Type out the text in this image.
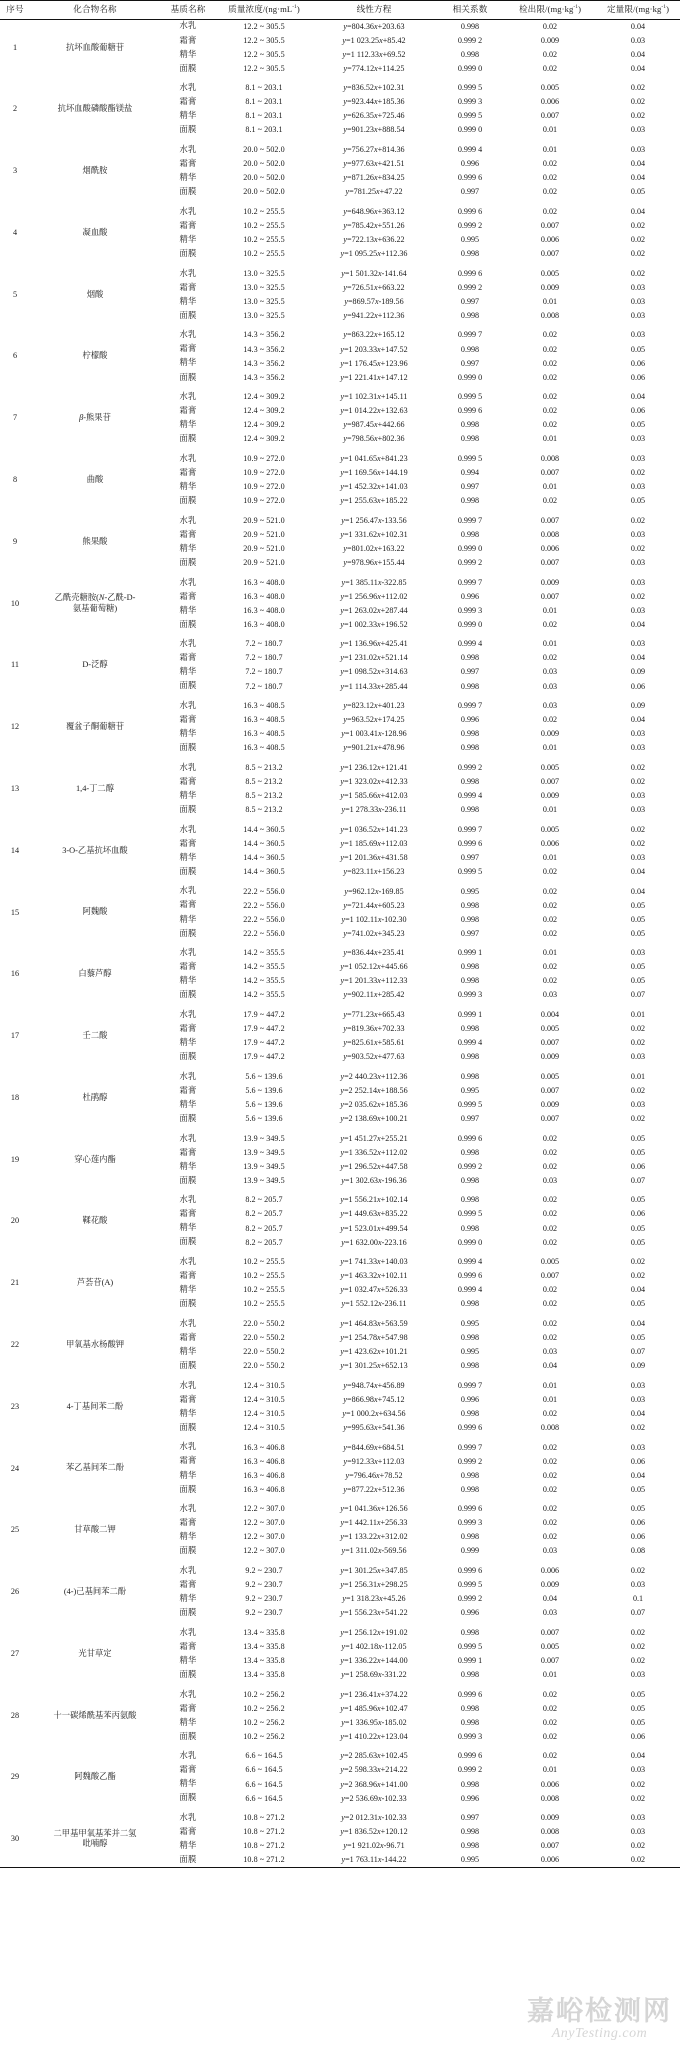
序号	化合物名称	基质名称	质量浓度$/(ng\cdot mL^{-1})$	线性方程	相关系数	检出限$/(mg\cdot kg^{-1})$	定量限$/(mg\cdot kg^{-1})$
1	抗坏血酸葡糖苷	水乳	12.2 ~ 305.5	y=804.36x+203.63	0.998	0.02	0.04
		霜膏	12.2 ~ 305.5	y=1 023.25x+85.42	0.999 2	0.009	0.03
		精华	12.2 ~ 305.5	y=1 112.33x+69.52	0.998	0.02	0.04
		面膜	12.2 ~ 305.5	y=774.12x+114.25	0.999 0	0.02	0.04

2	抗坏血酸磷酸酯镁盐	水乳	8.1 ~ 203.1	y=836.52x+102.31	0.999 5	0.005	0.02
		霜膏	8.1 ~ 203.1	y=923.44x+185.36	0.999 3	0.006	0.02
		精华	8.1 ~ 203.1	y=626.35x+725.46	0.999 5	0.007	0.02
		面膜	8.1 ~ 203.1	y=901.23x+888.54	0.999 0	0.01	0.03

3	烟酰胺	水乳	20.0 ~ 502.0	y=756.27x+814.36	0.999 4	0.01	0.03
		霜膏	20.0 ~ 502.0	y=977.63x+421.51	0.996	0.02	0.04
		精华	20.0 ~ 502.0	y=871.26x+834.25	0.999 6	0.02	0.04
		面膜	20.0 ~ 502.0	y=781.25x+47.22	0.997	0.02	0.05

4	凝血酸	水乳	10.2 ~ 255.5	y=648.96x+363.12	0.999 6	0.02	0.04
		霜膏	10.2 ~ 255.5	y=785.42x+551.26	0.999 2	0.007	0.02
		精华	10.2 ~ 255.5	y=722.13x+636.22	0.995	0.006	0.02
		面膜	10.2 ~ 255.5	y=1 095.25x+112.36	0.998	0.007	0.02

5	烟酸	水乳	13.0 ~ 325.5	y=1 501.32x-141.64	0.999 6	0.005	0.02
		霜膏	13.0 ~ 325.5	y=726.51x+663.22	0.999 2	0.009	0.03
		精华	13.0 ~ 325.5	y=869.57x-189.56	0.997	0.01	0.03
		面膜	13.0 ~ 325.5	y=941.22x+112.36	0.998	0.008	0.03

6	柠檬酸	水乳	14.3 ~ 356.2	y=863.22x+165.12	0.999 7	0.02	0.03
		霜膏	14.3 ~ 356.2	y=1 203.33x+147.52	0.998	0.02	0.05
		精华	14.3 ~ 356.2	y=1 176.45x+123.96	0.997	0.02	0.06
		面膜	14.3 ~ 356.2	y=1 221.41x+147.12	0.999 0	0.02	0.06

7	β-熊果苷	水乳	12.4 ~ 309.2	y=1 102.31x+145.11	0.999 5	0.02	0.04
		霜膏	12.4 ~ 309.2	y=1 014.22x+132.63	0.999 6	0.02	0.06
		精华	12.4 ~ 309.2	y=987.45x+442.66	0.998	0.02	0.05
		面膜	12.4 ~ 309.2	y=798.56x+802.36	0.998	0.01	0.03

8	曲酸	水乳	10.9 ~ 272.0	y=1 041.65x+841.23	0.999 5	0.008	0.03
		霜膏	10.9 ~ 272.0	y=1 169.56x+144.19	0.994	0.007	0.02
		精华	10.9 ~ 272.0	y=1 452.32x+141.03	0.997	0.01	0.03
		面膜	10.9 ~ 272.0	y=1 255.63x+185.22	0.998	0.02	0.05

9	熊果酸	水乳	20.9 ~ 521.0	y=1 256.47x-133.56	0.999 7	0.007	0.02
		霜膏	20.9 ~ 521.0	y=1 331.62x+102.31	0.998	0.008	0.03
		精华	20.9 ~ 521.0	y=801.02x+163.22	0.999 0	0.006	0.02
		面膜	20.9 ~ 521.0	y=978.96x+155.44	0.999 2	0.007	0.03

10	乙酰壳糖胺(N-乙酰-D-
氨基葡萄糖)	水乳	16.3 ~ 408.0	y=1 385.11x-322.85	0.999 7	0.009	0.03
		霜膏	16.3 ~ 408.0	y=1 256.96x+112.02	0.996	0.007	0.02
		精华	16.3 ~ 408.0	y=1 263.02x+287.44	0.999 3	0.01	0.03
		面膜	16.3 ~ 408.0	y=1 002.33x+196.52	0.999 0	0.02	0.04

11	D-泛醇	水乳	7.2 ~ 180.7	y=1 136.96x+425.41	0.999 4	0.01	0.03
		霜膏	7.2 ~ 180.7	y=1 231.02x+521.14	0.998	0.02	0.04
		精华	7.2 ~ 180.7	y=1 098.52x+314.63	0.997	0.03	0.09
		面膜	7.2 ~ 180.7	y=1 114.33x+285.44	0.998	0.03	0.06

12	覆盆子酮葡糖苷	水乳	16.3 ~ 408.5	y=823.12x+401.23	0.999 7	0.03	0.09
		霜膏	16.3 ~ 408.5	y=963.52x+174.25	0.996	0.02	0.04
		精华	16.3 ~ 408.5	y=1 003.41x-128.96	0.998	0.009	0.03
		面膜	16.3 ~ 408.5	y=901.21x+478.96	0.998	0.01	0.03

13	1,4-丁二醇	水乳	8.5 ~ 213.2	y=1 236.12x+121.41	0.999 2	0.005	0.02
		霜膏	8.5 ~ 213.2	y=1 323.02x+412.33	0.998	0.007	0.02
		精华	8.5 ~ 213.2	y=1 585.66x+412.03	0.999 4	0.009	0.03
		面膜	8.5 ~ 213.2	y=1 278.33x-236.11	0.998	0.01	0.03

14	3-O-乙基抗坏血酸	水乳	14.4 ~ 360.5	y=1 036.52x+141.23	0.999 7	0.005	0.02
		霜膏	14.4 ~ 360.5	y=1 185.69x+112.03	0.999 6	0.006	0.02
		精华	14.4 ~ 360.5	y=1 201.36x+431.58	0.997	0.01	0.03
		面膜	14.4 ~ 360.5	y=823.11x+156.23	0.999 5	0.02	0.04

15	阿魏酸	水乳	22.2 ~ 556.0	y=962.12x-169.85	0.995	0.02	0.04
		霜膏	22.2 ~ 556.0	y=721.44x+605.23	0.998	0.02	0.05
		精华	22.2 ~ 556.0	y=1 102.11x-102.30	0.998	0.02	0.05
		面膜	22.2 ~ 556.0	y=741.02x+345.23	0.997	0.02	0.05

16	白藜芦醇	水乳	14.2 ~ 355.5	y=836.44x+235.41	0.999 1	0.01	0.03
		霜膏	14.2 ~ 355.5	y=1 052.12x+445.66	0.998	0.02	0.05
		精华	14.2 ~ 355.5	y=1 201.33x+112.33	0.998	0.02	0.05
		面膜	14.2 ~ 355.5	y=902.11x+285.42	0.999 3	0.03	0.07

17	壬二酸	水乳	17.9 ~ 447.2	y=771.23x+665.43	0.999 1	0.004	0.01
		霜膏	17.9 ~ 447.2	y=819.36x+702.33	0.998	0.005	0.02
		精华	17.9 ~ 447.2	y=825.61x+585.61	0.999 4	0.007	0.02
		面膜	17.9 ~ 447.2	y=903.52x+477.63	0.998	0.009	0.03

18	杜鹃醇	水乳	5.6 ~ 139.6	y=2 440.23x+112.36	0.998	0.005	0.01
		霜膏	5.6 ~ 139.6	y=2 252.14x+188.56	0.995	0.007	0.02
		精华	5.6 ~ 139.6	y=2 035.62x+185.36	0.999 5	0.009	0.03
		面膜	5.6 ~ 139.6	y=2 138.69x+100.21	0.997	0.007	0.02

19	穿心莲内酯	水乳	13.9 ~ 349.5	y=1 451.27x+255.21	0.999 6	0.02	0.05
		霜膏	13.9 ~ 349.5	y=1 336.52x+112.02	0.998	0.02	0.05
		精华	13.9 ~ 349.5	y=1 296.52x+447.58	0.999 2	0.02	0.06
		面膜	13.9 ~ 349.5	y=1 302.63x-196.36	0.998	0.03	0.07

20	鞣花酸	水乳	8.2 ~ 205.7	y=1 556.21x+102.14	0.998	0.02	0.05
		霜膏	8.2 ~ 205.7	y=1 449.63x+835.22	0.999 5	0.02	0.06
		精华	8.2 ~ 205.7	y=1 523.01x+499.54	0.998	0.02	0.05
		面膜	8.2 ~ 205.7	y=1 632.00x-223.16	0.999 0	0.02	0.05

21	芦荟苷(A)	水乳	10.2 ~ 255.5	y=1 741.33x+140.03	0.999 4	0.005	0.02
		霜膏	10.2 ~ 255.5	y=1 463.32x+102.11	0.999 6	0.007	0.02
		精华	10.2 ~ 255.5	y=1 032.47x+526.33	0.999 4	0.02	0.04
		面膜	10.2 ~ 255.5	y=1 552.12x-236.11	0.998	0.02	0.05

22	甲氧基水杨酸钾	水乳	22.0 ~ 550.2	y=1 464.83x+563.59	0.995	0.02	0.04
		霜膏	22.0 ~ 550.2	y=1 254.78x+547.98	0.998	0.02	0.05
		精华	22.0 ~ 550.2	y=1 423.62x+101.21	0.995	0.03	0.07
		面膜	22.0 ~ 550.2	y=1 301.25x+652.13	0.998	0.04	0.09

23	4-丁基间苯二酚	水乳	12.4 ~ 310.5	y=948.74x+456.89	0.999 7	0.01	0.03
		霜膏	12.4 ~ 310.5	y=866.98x+745.12	0.996	0.01	0.03
		精华	12.4 ~ 310.5	y=1 000.2x+634.56	0.998	0.02	0.04
		面膜	12.4 ~ 310.5	y=995.63x+541.36	0.999 6	0.008	0.02

24	苯乙基间苯二酚	水乳	16.3 ~ 406.8	y=844.69x+684.51	0.999 7	0.02	0.03
		霜膏	16.3 ~ 406.8	y=912.33x+112.03	0.999 2	0.02	0.06
		精华	16.3 ~ 406.8	y=796.46x+78.52	0.998	0.02	0.04
		面膜	16.3 ~ 406.8	y=877.22x+512.36	0.998	0.02	0.05

25	甘草酸二钾	水乳	12.2 ~ 307.0	y=1 041.36x+126.56	0.999 6	0.02	0.05
		霜膏	12.2 ~ 307.0	y=1 442.11x+256.33	0.999 3	0.02	0.06
		精华	12.2 ~ 307.0	y=1 133.22x+312.02	0.998	0.02	0.06
		面膜	12.2 ~ 307.0	y=1 311.02x-569.56	0.999	0.03	0.08

26	(4-)己基间苯二酚	水乳	9.2 ~ 230.7	y=1 301.25x+347.85	0.999 6	0.006	0.02
		霜膏	9.2 ~ 230.7	y=1 256.31x+298.25	0.999 5	0.009	0.03
		精华	9.2 ~ 230.7	y=1 318.23x+45.26	0.999 2	0.04	0.1
		面膜	9.2 ~ 230.7	y=1 556.23x+541.22	0.996	0.03	0.07

27	光甘草定	水乳	13.4 ~ 335.8	y=1 256.12x+191.02	0.998	0.007	0.02
		霜膏	13.4 ~ 335.8	y=1 402.18x-112.05	0.999 5	0.005	0.02
		精华	13.4 ~ 335.8	y=1 336.22x+144.00	0.999 1	0.007	0.02
		面膜	13.4 ~ 335.8	y=1 258.69x-331.22	0.998	0.01	0.03

28	十一碳烯酰基苯丙氨酸	水乳	10.2 ~ 256.2	y=1 236.41x+374.22	0.999 6	0.02	0.05
		霜膏	10.2 ~ 256.2	y=1 485.96x+102.47	0.998	0.02	0.05
		精华	10.2 ~ 256.2	y=1 336.95x-185.02	0.998	0.02	0.05
		面膜	10.2 ~ 256.2	y=1 410.22x+123.04	0.999 3	0.02	0.06

29	阿魏酸乙酯	水乳	6.6 ~ 164.5	y=2 285.63x+102.45	0.999 6	0.02	0.04
		霜膏	6.6 ~ 164.5	y=2 598.33x+214.22	0.999 2	0.01	0.03
		精华	6.6 ~ 164.5	y=2 368.96x+141.00	0.998	0.006	0.02
		面膜	6.6 ~ 164.5	y=2 536.69x-102.33	0.996	0.008	0.02

30	二甲基甲氧基苯并二氢
吡喃醇	水乳	10.8 ~ 271.2	y=2 012.31x-102.33	0.997	0.009	0.03
		霜膏	10.8 ~ 271.2	y=1 836.52x+120.12	0.998	0.008	0.03
		精华	10.8 ~ 271.2	y=1 921.02x-96.71	0.998	0.007	0.02
		面膜	10.8 ~ 271.2	y=1 763.11x-144.22	0.995	0.006	0.02

嘉峪检测网
AnyTesting.com
